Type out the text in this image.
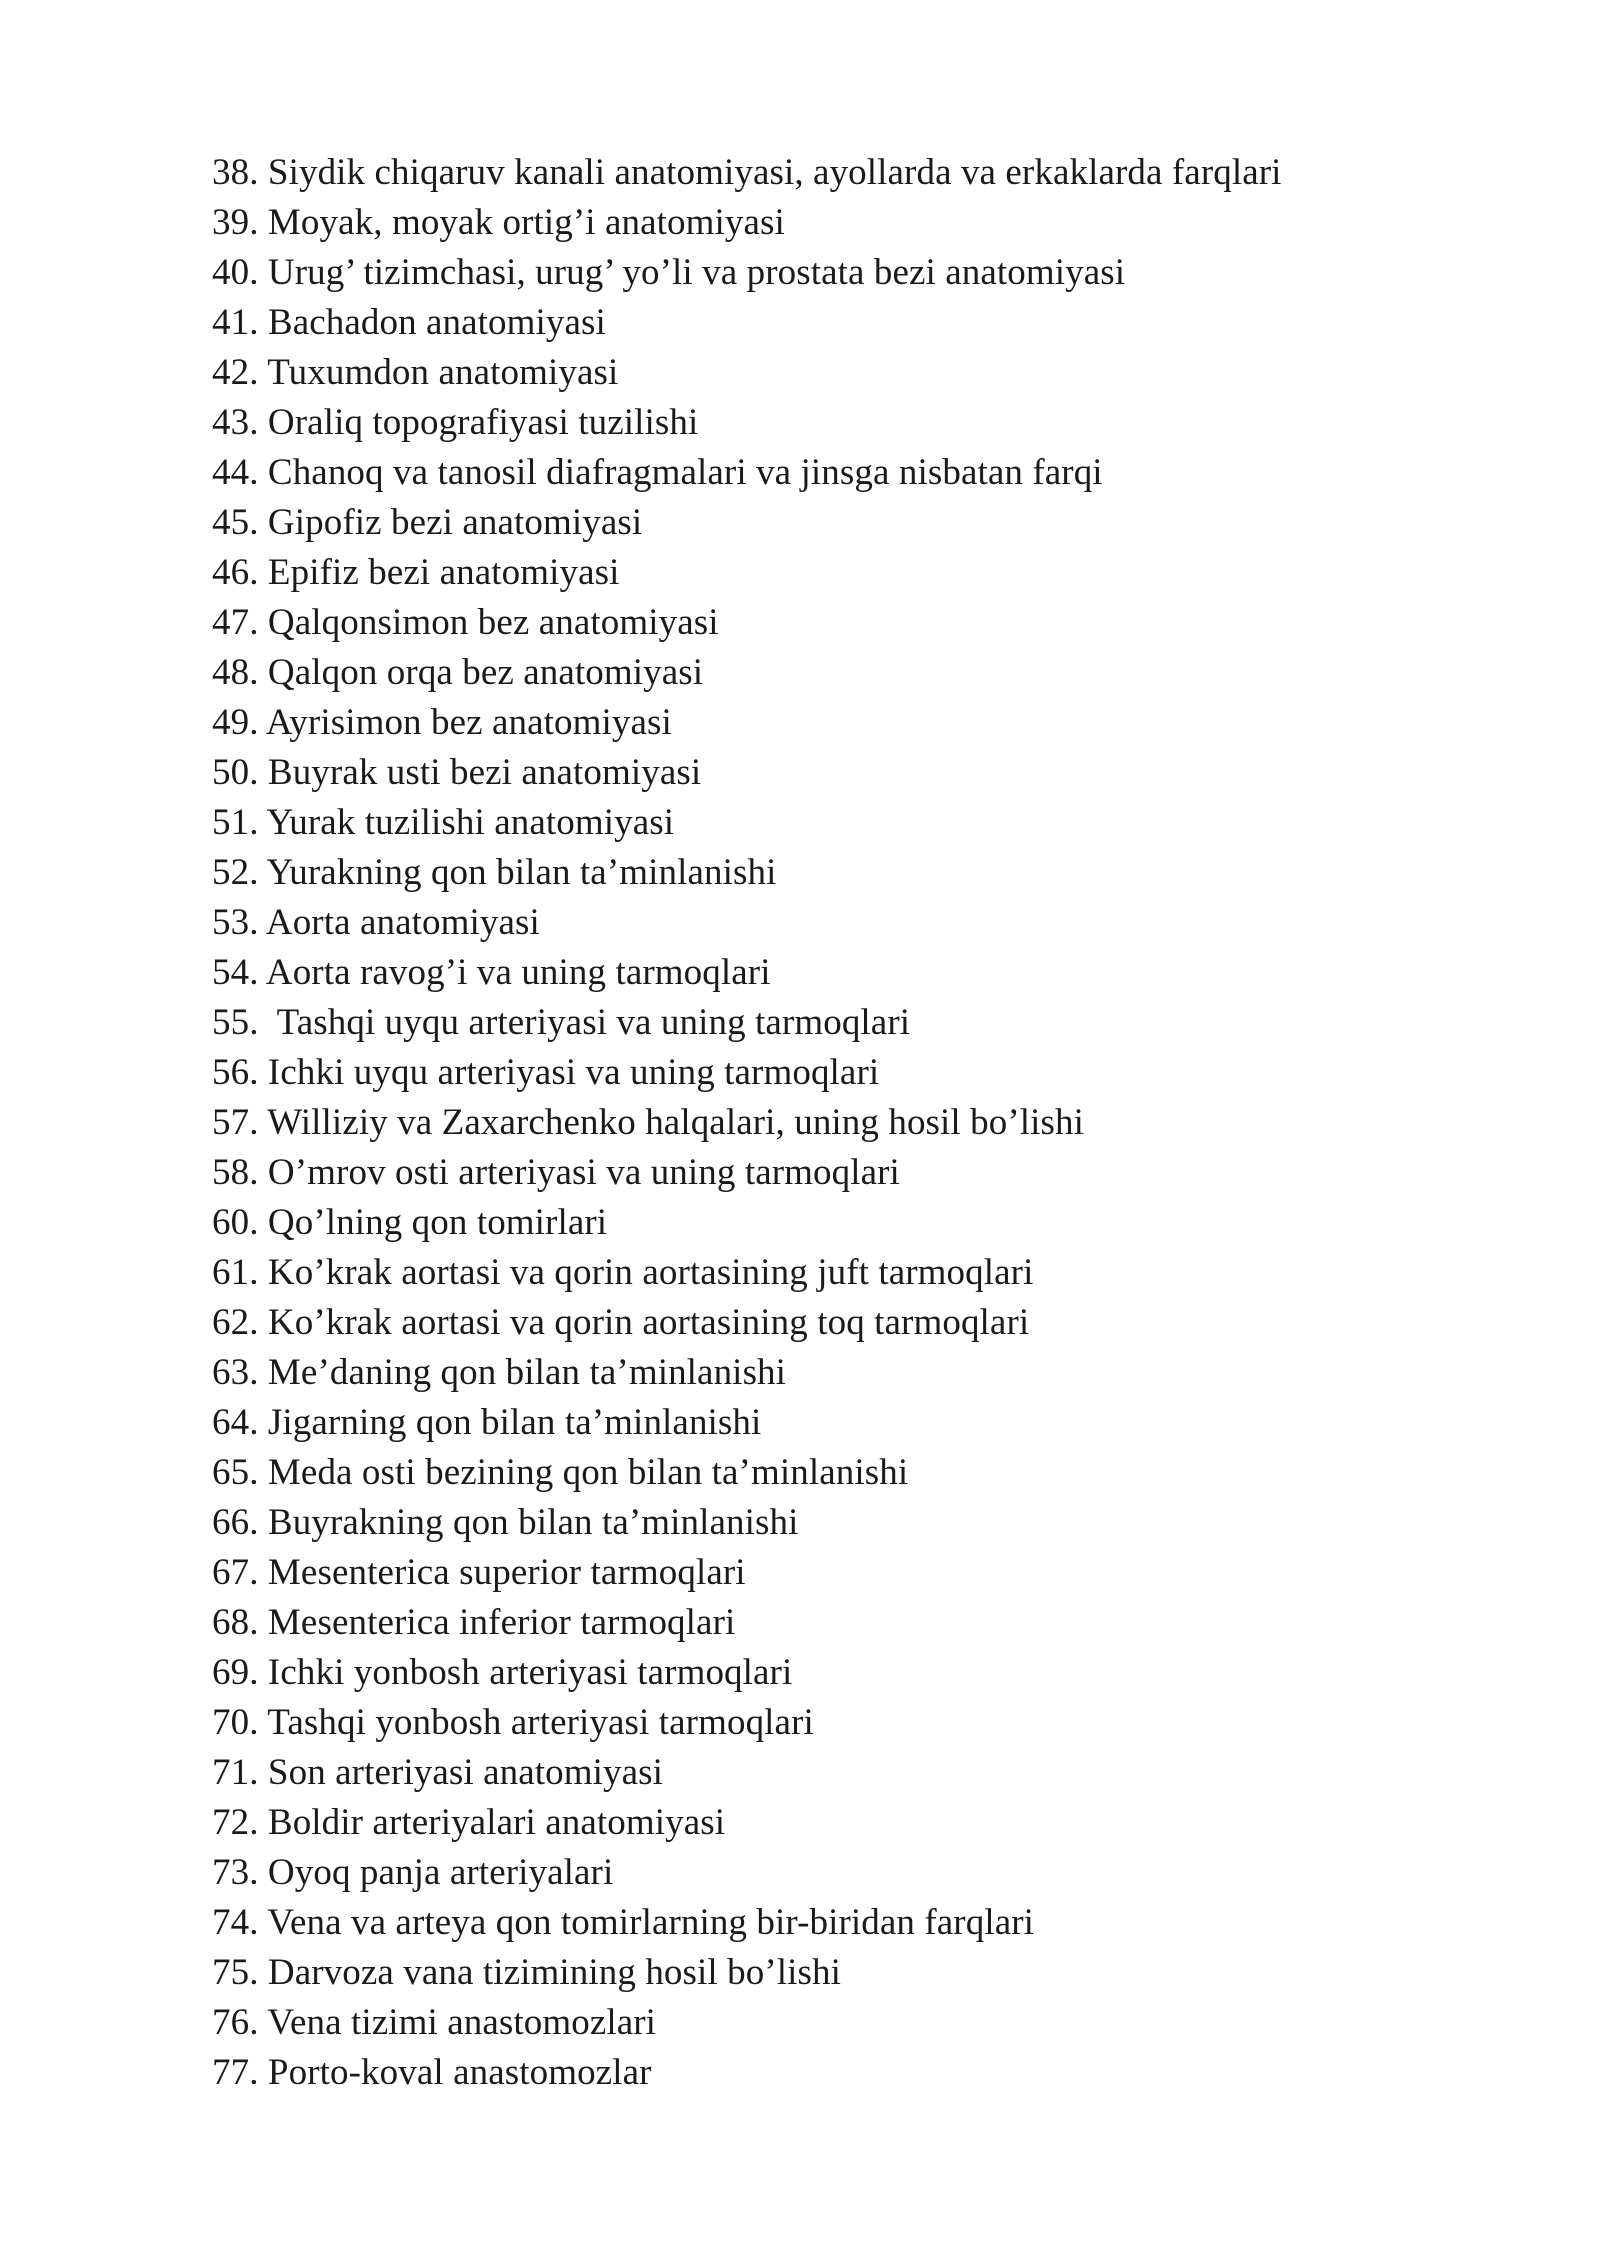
38. Siydik chiqaruv kanali anatomiyasi, ayollarda va erkaklarda farqlari
39. Moyak, moyak ortig’i anatomiyasi
40. Urug’ tizimchasi, urug’ yo’li va prostata bezi anatomiyasi
41. Bachadon anatomiyasi
42. Tuxumdon anatomiyasi
43. Oraliq topografiyasi tuzilishi
44. Chanoq va tanosil diafragmalari va jinsga nisbatan farqi
45. Gipofiz bezi anatomiyasi
46. Epifiz bezi anatomiyasi
47. Qalqonsimon bez anatomiyasi
48. Qalqon orqa bez anatomiyasi
49. Ayrisimon bez anatomiyasi
50. Buyrak usti bezi anatomiyasi
51. Yurak tuzilishi anatomiyasi
52. Yurakning qon bilan ta’minlanishi
53. Aorta anatomiyasi
54. Aorta ravog’i va uning tarmoqlari
55.  Tashqi uyqu arteriyasi va uning tarmoqlari
56. Ichki uyqu arteriyasi va uning tarmoqlari
57. Williziy va Zaxarchenko halqalari, uning hosil bo’lishi
58. O’mrov osti arteriyasi va uning tarmoqlari
60. Qo’lning qon tomirlari
61. Ko’krak aortasi va qorin aortasining juft tarmoqlari
62. Ko’krak aortasi va qorin aortasining toq tarmoqlari
63. Me’daning qon bilan ta’minlanishi
64. Jigarning qon bilan ta’minlanishi
65. Meda osti bezining qon bilan ta’minlanishi
66. Buyrakning qon bilan ta’minlanishi
67. Mesenterica superior tarmoqlari
68. Mesenterica inferior tarmoqlari
69. Ichki yonbosh arteriyasi tarmoqlari
70. Tashqi yonbosh arteriyasi tarmoqlari
71. Son arteriyasi anatomiyasi
72. Boldir arteriyalari anatomiyasi
73. Oyoq panja arteriyalari
74. Vena va arteya qon tomirlarning bir-biridan farqlari
75. Darvoza vana tizimining hosil bo’lishi
76. Vena tizimi anastomozlari
77. Porto-koval anastomozlar
